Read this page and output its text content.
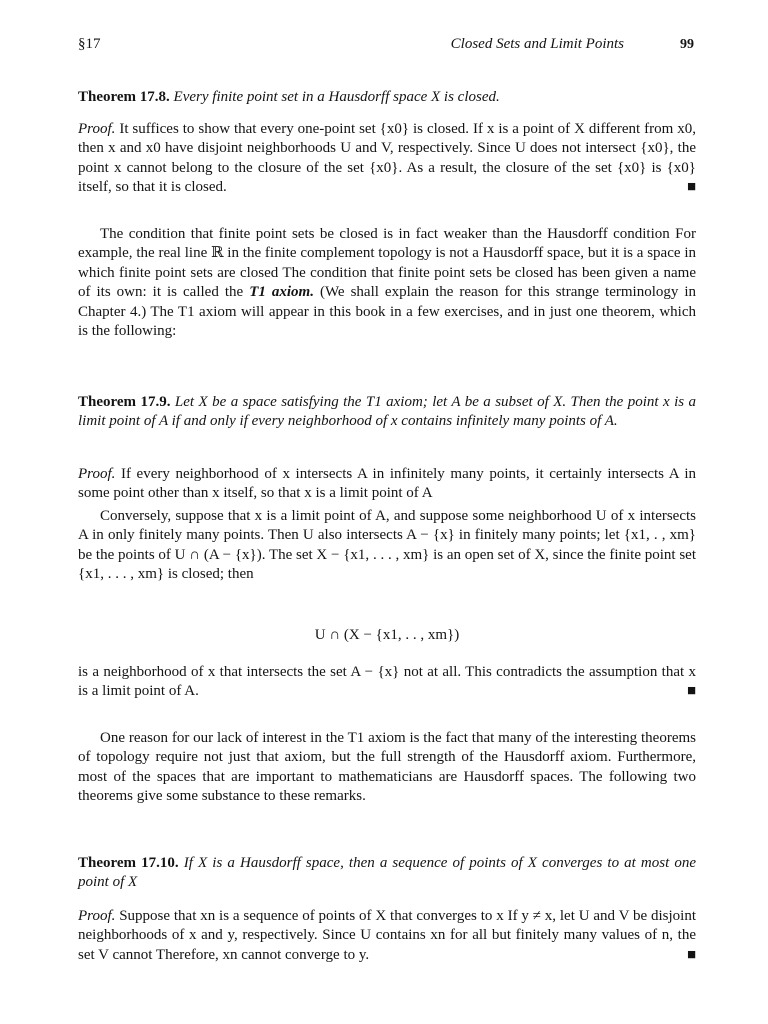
§17	Closed Sets and Limit Points	99

Theorem 17.8. Every finite point set in a Hausdorff space X is closed.

Proof. It suffices to show that every one-point set {x0} is closed. If x is a point of X different from x0, then x and x0 have disjoint neighborhoods U and V, respectively. Since U does not intersect {x0}, the point x cannot belong to the closure of the set {x0}. As a result, the closure of the set {x0} is {x0} itself, so that it is closed.	■

The condition that finite point sets be closed is in fact weaker than the Hausdorff condition For example, the real line ℝ in the finite complement topology is not a Hausdorff space, but it is a space in which finite point sets are closed The condition that finite point sets be closed has been given a name of its own: it is called the T1 axiom. (We shall explain the reason for this strange terminology in Chapter 4.) The T1 axiom will appear in this book in a few exercises, and in just one theorem, which is the following:

Theorem 17.9. Let X be a space satisfying the T1 axiom; let A be a subset of X. Then the point x is a limit point of A if and only if every neighborhood of x contains infinitely many points of A.

Proof. If every neighborhood of x intersects A in infinitely many points, it certainly intersects A in some point other than x itself, so that x is a limit point of A

Conversely, suppose that x is a limit point of A, and suppose some neighborhood U of x intersects A in only finitely many points. Then U also intersects A − {x} in finitely many points; let {x1, . , xm} be the points of U ∩ (A − {x}). The set X − {x1, . . . , xm} is an open set of X, since the finite point set {x1, . . . , xm} is closed; then

U ∩ (X − {x1, . . , xm})

is a neighborhood of x that intersects the set A − {x} not at all. This contradicts the assumption that x is a limit point of A.	■

One reason for our lack of interest in the T1 axiom is the fact that many of the interesting theorems of topology require not just that axiom, but the full strength of the Hausdorff axiom. Furthermore, most of the spaces that are important to mathematicians are Hausdorff spaces. The following two theorems give some substance to these remarks.

Theorem 17.10. If X is a Hausdorff space, then a sequence of points of X converges to at most one point of X

Proof. Suppose that xn is a sequence of points of X that converges to x If y ≠ x, let U and V be disjoint neighborhoods of x and y, respectively. Since U contains xn for all but finitely many values of n, the set V cannot Therefore, xn cannot converge to y.	■
